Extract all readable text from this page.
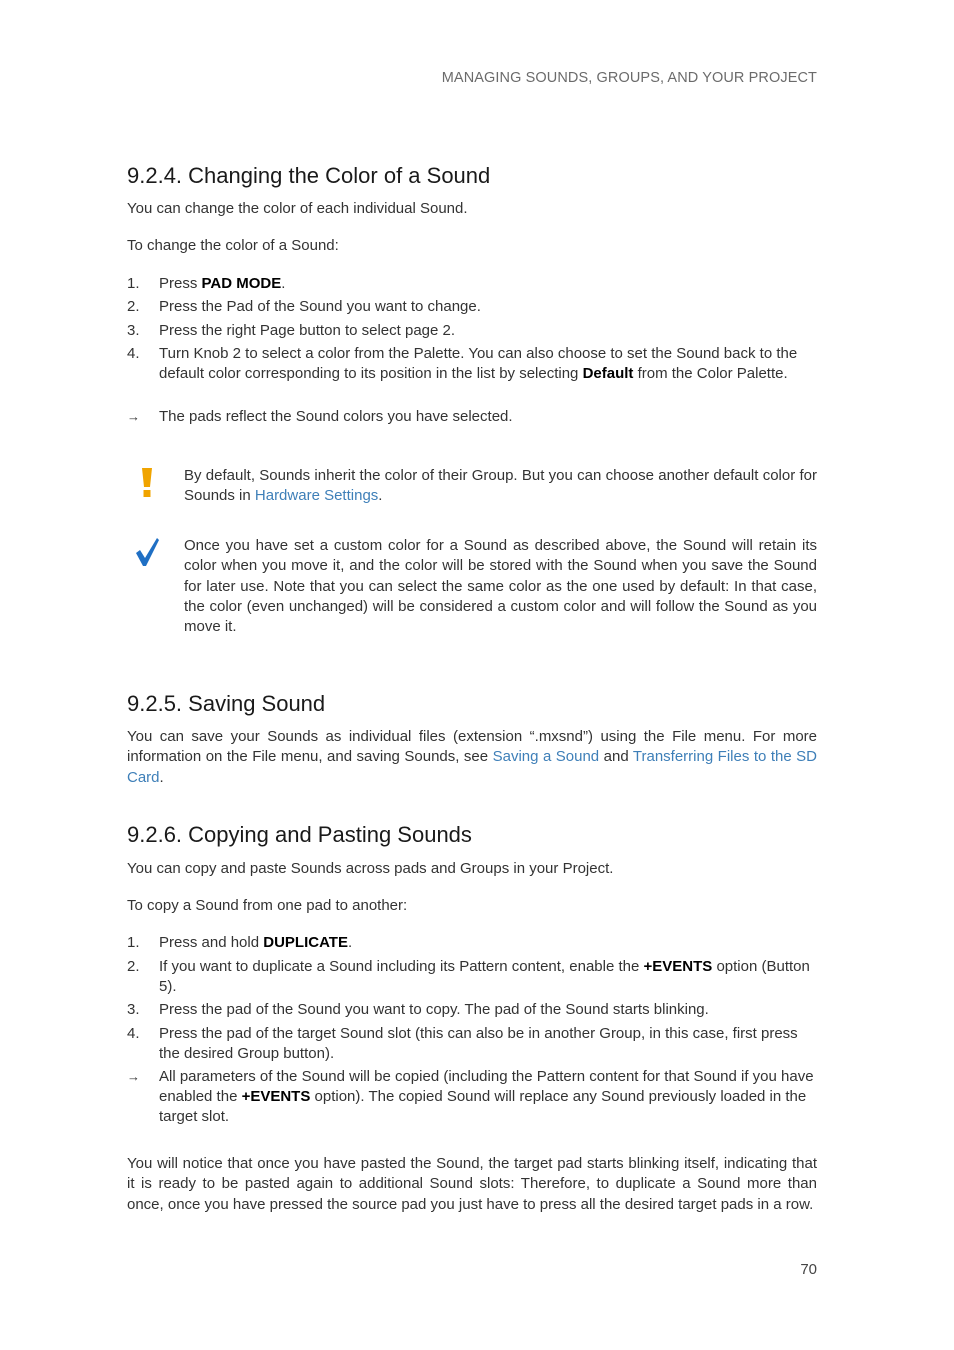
MANAGING SOUNDS, GROUPS, AND YOUR PROJECT
9.2.4. Changing the Color of a Sound

You can change the color of each individual Sound.

To change the color of a Sound:

1.	Press PAD MODE.
2.	Press the Pad of the Sound you want to change.
3.	Press the right Page button to select page 2.
4.	Turn Knob 2 to select a color from the Palette. You can also choose to set the Sound back to the default color corresponding to its position in the list by selecting Default from the Color Palette.
→	The pads reflect the Sound colors you have selected.

By default, Sounds inherit the color of their Group. But you can choose another default color for Sounds in Hardware Settings.

Once you have set a custom color for a Sound as described above, the Sound will retain its color when you move it, and the color will be stored with the Sound when you save the Sound for later use. Note that you can select the same color as the one used by default: In that case, the color (even unchanged) will be considered a custom color and will follow the Sound as you move it.

9.2.5. Saving Sound

You can save your Sounds as individual files (extension “.mxsnd”) using the File menu. For more information on the File menu, and saving Sounds, see Saving a Sound and Transferring Files to the SD Card.

9.2.6. Copying and Pasting Sounds

You can copy and paste Sounds across pads and Groups in your Project.

To copy a Sound from one pad to another:

1.	Press and hold DUPLICATE.
2.	If you want to duplicate a Sound including its Pattern content, enable the +EVENTS option (Button 5).
3.	Press the pad of the Sound you want to copy. The pad of the Sound starts blinking.
4.	Press the pad of the target Sound slot (this can also be in another Group, in this case, first press the desired Group button).
→	All parameters of the Sound will be copied (including the Pattern content for that Sound if you have enabled the +EVENTS option). The copied Sound will replace any Sound previously loaded in the target slot.

You will notice that once you have pasted the Sound, the target pad starts blinking itself, indicating that it is ready to be pasted again to additional Sound slots: Therefore, to duplicate a Sound more than once, once you have pressed the source pad you just have to press all the desired target pads in a row.

70
